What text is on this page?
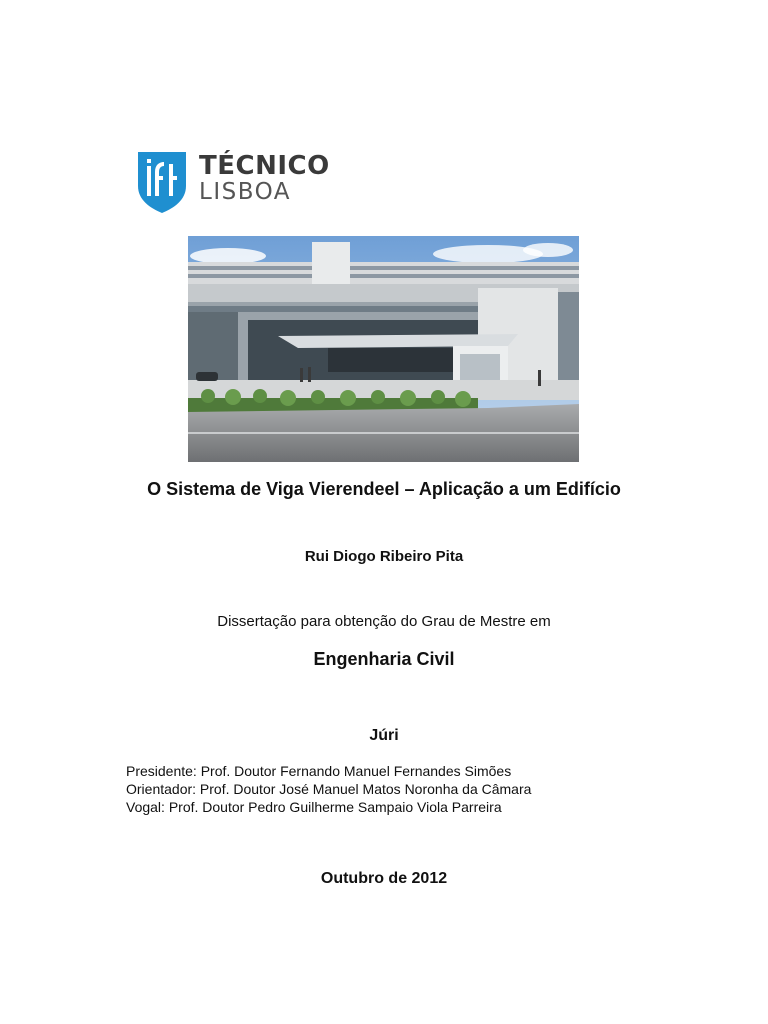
TÉCNICO
LISBOA
O Sistema de Viga Vierendeel – Aplicação a um Edifício
Rui Diogo Ribeiro Pita
Dissertação para obtenção do Grau de Mestre em
Engenharia Civil
Júri
Presidente: Prof. Doutor Fernando Manuel Fernandes Simões
Orientador: Prof. Doutor José Manuel Matos Noronha da Câmara
Vogal: Prof. Doutor Pedro Guilherme Sampaio Viola Parreira
Outubro de 2012
